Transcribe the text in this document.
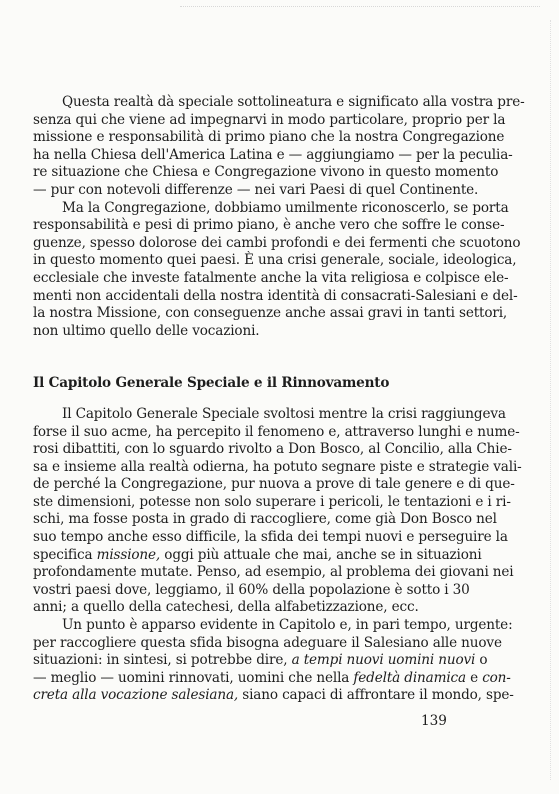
Questa realtà dà speciale sottolineatura e significato alla vostra pre-
senza qui che viene ad impegnarvi in modo particolare, proprio per la
missione e responsabilità di primo piano che la nostra Congregazione
ha nella Chiesa dell'America Latina e — aggiungiamo — per la peculia-
re situazione che Chiesa e Congregazione vivono in questo momento
— pur con notevoli differenze — nei vari Paesi di quel Continente.
Ma la Congregazione, dobbiamo umilmente riconoscerlo, se porta
responsabilità e pesi di primo piano, è anche vero che soffre le conse-
guenze, spesso dolorose dei cambi profondi e dei fermenti che scuotono
in questo momento quei paesi. È una crisi generale, sociale, ideologica,
ecclesiale che investe fatalmente anche la vita religiosa e colpisce ele-
menti non accidentali della nostra identità di consacrati-Salesiani e del-
la nostra Missione, con conseguenze anche assai gravi in tanti settori,
non ultimo quello delle vocazioni.
Il Capitolo Generale Speciale e il Rinnovamento
Il Capitolo Generale Speciale svoltosi mentre la crisi raggiungeva
forse il suo acme, ha percepito il fenomeno e, attraverso lunghi e nume-
rosi dibattiti, con lo sguardo rivolto a Don Bosco, al Concilio, alla Chie-
sa e insieme alla realtà odierna, ha potuto segnare piste e strategie vali-
de perché la Congregazione, pur nuova a prove di tale genere e di que-
ste dimensioni, potesse non solo superare i pericoli, le tentazioni e i ri-
schi, ma fosse posta in grado di raccogliere, come già Don Bosco nel
suo tempo anche esso difficile, la sfida dei tempi nuovi e perseguire la
specifica missione, oggi più attuale che mai, anche se in situazioni
profondamente mutate. Penso, ad esempio, al problema dei giovani nei
vostri paesi dove, leggiamo, il 60% della popolazione è sotto i 30
anni; a quello della catechesi, della alfabetizzazione, ecc.
Un punto è apparso evidente in Capitolo e, in pari tempo, urgente:
per raccogliere questa sfida bisogna adeguare il Salesiano alle nuove
situazioni: in sintesi, si potrebbe dire, a tempi nuovi uomini nuovi o
— meglio — uomini rinnovati, uomini che nella fedeltà dinamica e con-
creta alla vocazione salesiana, siano capaci di affrontare il mondo, spe-
139
